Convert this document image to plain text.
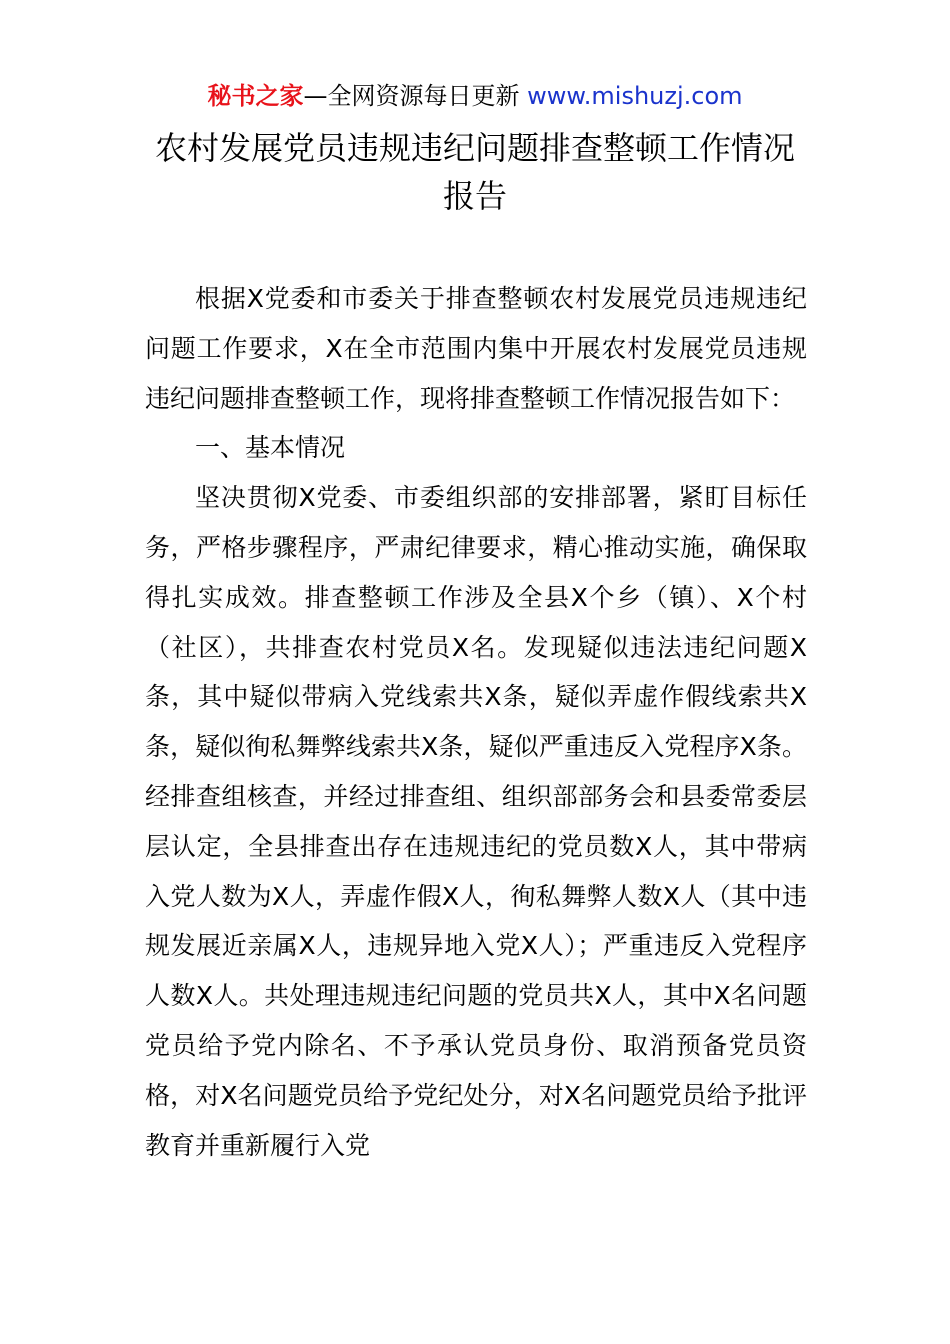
秘书之家—全网资源每日更新 www.mishuzj.com
农村发展党员违规违纪问题排查整顿工作情况
报告

根据X党委和市委关于排查整顿农村发展党员违规违纪问题工作要求，X在全市范围内集中开展农村发展党员违规违纪问题排查整顿工作，现将排查整顿工作情况报告如下：

一、基本情况

坚决贯彻X党委、市委组织部的安排部署，紧盯目标任务，严格步骤程序，严肃纪律要求，精心推动实施，确保取得扎实成效。排查整顿工作涉及全县X个乡（镇）、X个村（社区），共排查农村党员X名。发现疑似违法违纪问题X条，其中疑似带病入党线索共X条，疑似弄虚作假线索共X条，疑似徇私舞弊线索共X条，疑似严重违反入党程序X条。经排查组核查，并经过排查组、组织部部务会和县委常委层层认定，全县排查出存在违规违纪的党员数X人，其中带病入党人数为X人，弄虚作假X人，徇私舞弊人数X人（其中违规发展近亲属X人，违规异地入党X人）；严重违反入党程序人数X人。共处理违规违纪问题的党员共X人，其中X名问题党员给予党内除名、不予承认党员身份、取消预备党员资格，对X名问题党员给予党纪处分，对X名问题党员给予批评教育并重新履行入党
